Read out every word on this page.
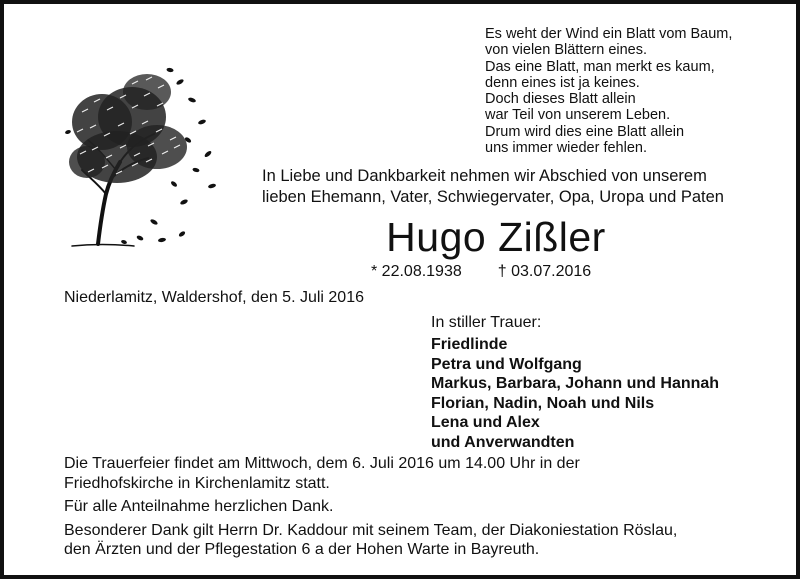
Es weht der Wind ein Blatt vom Baum,
von vielen Blättern eines.
Das eine Blatt, man merkt es kaum,
denn eines ist ja keines.
Doch dieses Blatt allein
war Teil von unserem Leben.
Drum wird dies eine Blatt allein
uns immer wieder fehlen.
In Liebe und Dankbarkeit nehmen wir Abschied von unserem
lieben Ehemann, Vater, Schwiegervater, Opa, Uropa und Paten
Hugo Zißler
* 22.08.1938 † 03.07.2016
Niederlamitz, Waldershof, den 5. Juli 2016
In stiller Trauer:
Friedlinde
Petra und Wolfgang
Markus, Barbara, Johann und Hannah
Florian, Nadin, Noah und Nils
Lena und Alex
und Anverwandten
Die Trauerfeier findet am Mittwoch, dem 6. Juli 2016 um 14.00 Uhr in der
Friedhofskirche in Kirchenlamitz statt.
Für alle Anteilnahme herzlichen Dank.
Besonderer Dank gilt Herrn Dr. Kaddour mit seinem Team, der Diakoniestation Röslau,
den Ärzten und der Pflegestation 6 a der Hohen Warte in Bayreuth.
